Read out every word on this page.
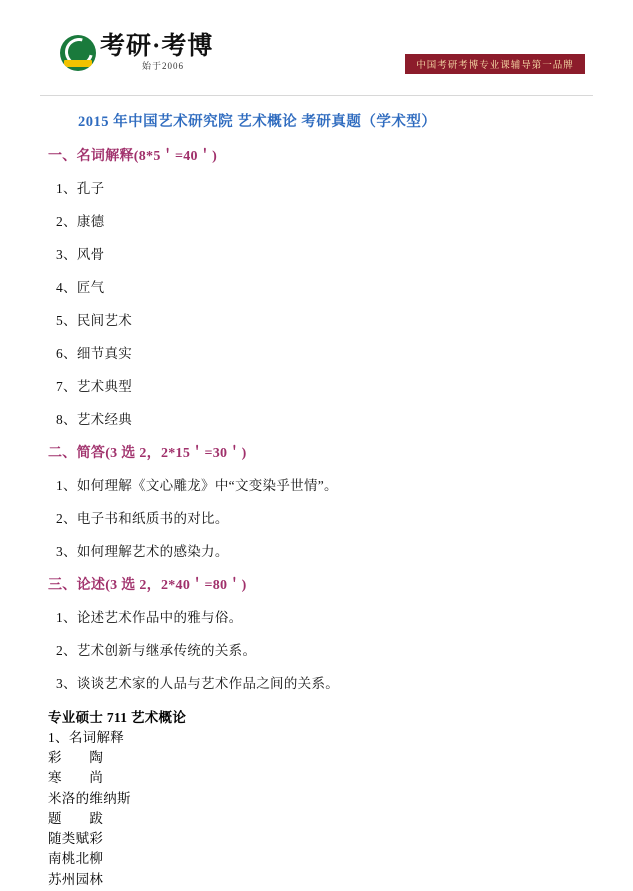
考研·考博
始于2006	中国考研考博专业课辅导第一品牌
2015 年中国艺术研究院 艺术概论 考研真题（学术型）
一、名词解释(8*5＇=40＇)
1、孔子
2、康德
3、风骨
4、匠气
5、民间艺术
6、细节真实
7、艺术典型
8、艺术经典
二、简答(3 选 2，2*15＇=30＇)
1、如何理解《文心雕龙》中“文变染乎世情”。
2、电子书和纸质书的对比。
3、如何理解艺术的感染力。
三、论述(3 选 2，2*40＇=80＇)
1、论述艺术作品中的雅与俗。
2、艺术创新与继承传统的关系。
3、谈谈艺术家的人品与艺术作品之间的关系。
专业硕士 711 艺术概论
1、名词解释
彩　　陶
寒　　尚
米洛的维纳斯
题　　跋
随类赋彩
南桃北柳
苏州园林
